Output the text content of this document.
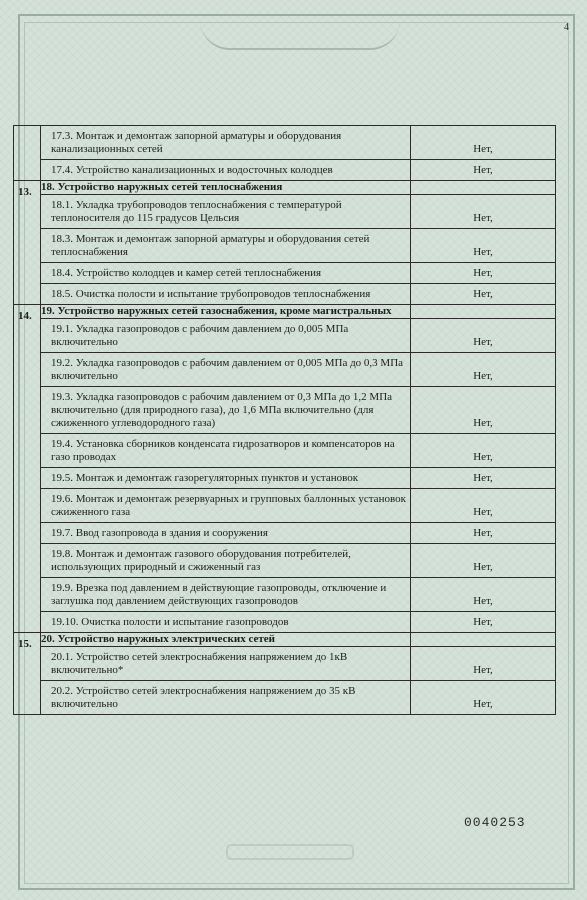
4

	17.3. Монтаж и демонтаж запорной арматуры и оборудования канализационных сетей	Нет,

	17.4. Устройство канализационных и водосточных колодцев	Нет,
13.	18. Устройство наружных сетей теплоснабжения	

	18.1. Укладка трубопроводов теплоснабжения с температурой теплоносителя до 115 градусов Цельсия	Нет,

	18.3. Монтаж и демонтаж запорной арматуры и оборудования сетей теплоснабжения	Нет,

	18.4. Устройство колодцев и камер сетей теплоснабжения	Нет,

	18.5. Очистка полости и испытание трубопроводов теплоснабжения	Нет,
14.	19. Устройство наружных сетей газоснабжения, кроме магистральных	

	19.1. Укладка газопроводов с рабочим давлением до 0,005 МПа включительно	Нет,

	19.2. Укладка газопроводов с рабочим давлением от 0,005 МПа до 0,3 МПа включительно	Нет,

	19.3. Укладка газопроводов с рабочим давлением от 0,3 МПа до 1,2 МПа включительно (для природного газа), до 1,6 МПа включительно (для сжиженного углеводородного газа)	Нет,

	19.4. Установка сборников конденсата гидрозатворов и компенсаторов на газо проводах	Нет,

	19.5. Монтаж и демонтаж газорегуляторных пунктов и установок	Нет,

	19.6. Монтаж и демонтаж резервуарных и групповых баллонных установок сжиженного газа	Нет,

	19.7. Ввод газопровода в здания и сооружения	Нет,

	19.8. Монтаж и демонтаж газового оборудования потребителей, использующих природный и сжиженный газ	Нет,

	19.9. Врезка под давлением в действующие газопроводы, отключение и заглушка под давлением действующих газопроводов	Нет,

	19.10. Очистка полости и испытание газопроводов	Нет,
15.	20. Устройство наружных электрических сетей	

	20.1. Устройство сетей электроснабжения напряжением до 1кВ включительно*	Нет,

	20.2. Устройство сетей электроснабжения напряжением до 35 кВ включительно	Нет,
0040253
